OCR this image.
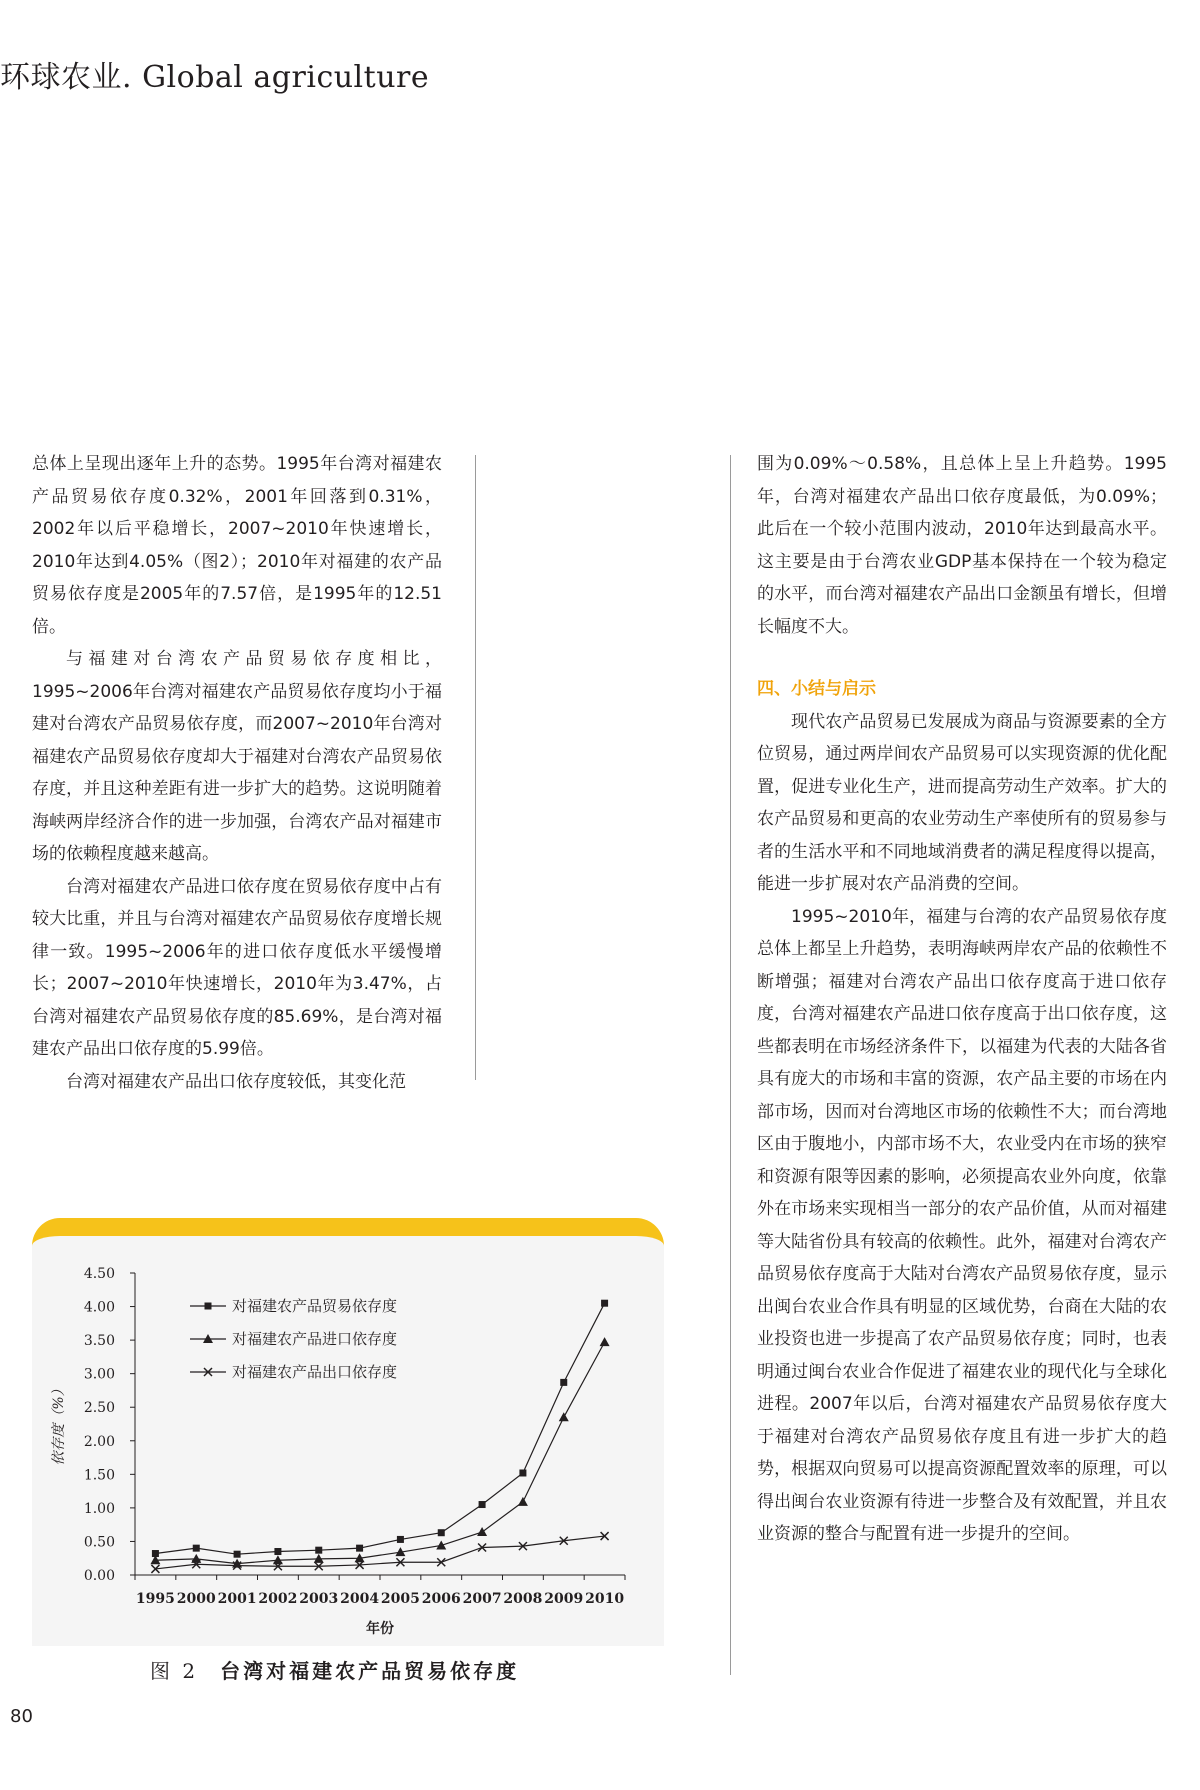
环球农业. Global agriculture

总体上呈现出逐年上升的态势。1995年台湾对福建农产品贸易依存度0.32%，2001年回落到0.31%，2002年以后平稳增长，2007~2010年快速增长，2010年达到4.05%（图2）；2010年对福建的农产品贸易依存度是2005年的7.57倍，是1995年的12.51倍。

与福建对台湾农产品贸易依存度相比，1995~2006年台湾对福建农产品贸易依存度均小于福建对台湾农产品贸易依存度，而2007~2010年台湾对福建农产品贸易依存度却大于福建对台湾农产品贸易依存度，并且这种差距有进一步扩大的趋势。这说明随着海峡两岸经济合作的进一步加强，台湾农产品对福建市场的依赖程度越来越高。

台湾对福建农产品进口依存度在贸易依存度中占有较大比重，并且与台湾对福建农产品贸易依存度增长规律一致。1995~2006年的进口依存度低水平缓慢增长；2007~2010年快速增长，2010年为3.47%，占台湾对福建农产品贸易依存度的85.69%，是台湾对福建农产品出口依存度的5.99倍。

台湾对福建农产品出口依存度较低，其变化范

围为0.09%～0.58%，且总体上呈上升趋势。1995年，台湾对福建农产品出口依存度最低，为0.09%；此后在一个较小范围内波动，2010年达到最高水平。这主要是由于台湾农业GDP基本保持在一个较为稳定的水平，而台湾对福建农产品出口金额虽有增长，但增长幅度不大。

四、小结与启示

现代农产品贸易已发展成为商品与资源要素的全方位贸易，通过两岸间农产品贸易可以实现资源的优化配置，促进专业化生产，进而提高劳动生产效率。扩大的农产品贸易和更高的农业劳动生产率使所有的贸易参与者的生活水平和不同地域消费者的满足程度得以提高，能进一步扩展对农产品消费的空间。

1995~2010年，福建与台湾的农产品贸易依存度总体上都呈上升趋势，表明海峡两岸农产品的依赖性不断增强；福建对台湾农产品出口依存度高于进口依存度，台湾对福建农产品进口依存度高于出口依存度，这些都表明在市场经济条件下，以福建为代表的大陆各省具有庞大的市场和丰富的资源，农产品主要的市场在内部市场，因而对台湾地区市场的依赖性不大；而台湾地区由于腹地小，内部市场不大，农业受内在市场的狭窄和资源有限等因素的影响，必须提高农业外向度，依靠外在市场来实现相当一部分的农产品价值，从而对福建等大陆省份具有较高的依赖性。此外，福建对台湾农产品贸易依存度高于大陆对台湾农产品贸易依存度，显示出闽台农业合作具有明显的区域优势，台商在大陆的农业投资也进一步提高了农产品贸易依存度；同时，也表明通过闽台农业合作促进了福建农业的现代化与全球化进程。2007年以后，台湾对福建农产品贸易依存度大于福建对台湾农产品贸易依存度且有进一步扩大的趋势，根据双向贸易可以提高资源配置效率的原理，可以得出闽台农业资源有待进一步整合及有效配置，并且农业资源的整合与配置有进一步提升的空间。

0.00
0.50
1.00
1.50
2.00
2.50
3.00
3.50
4.00
4.50
1995 2000 2001 2002 2003 2004 2005 2006 2007 2008 2009 2010
年份
依存度（%）
对福建农产品贸易依存度
对福建农产品进口依存度
对福建农产品出口依存度
图 2 台湾对福建农产品贸易依存度
80
